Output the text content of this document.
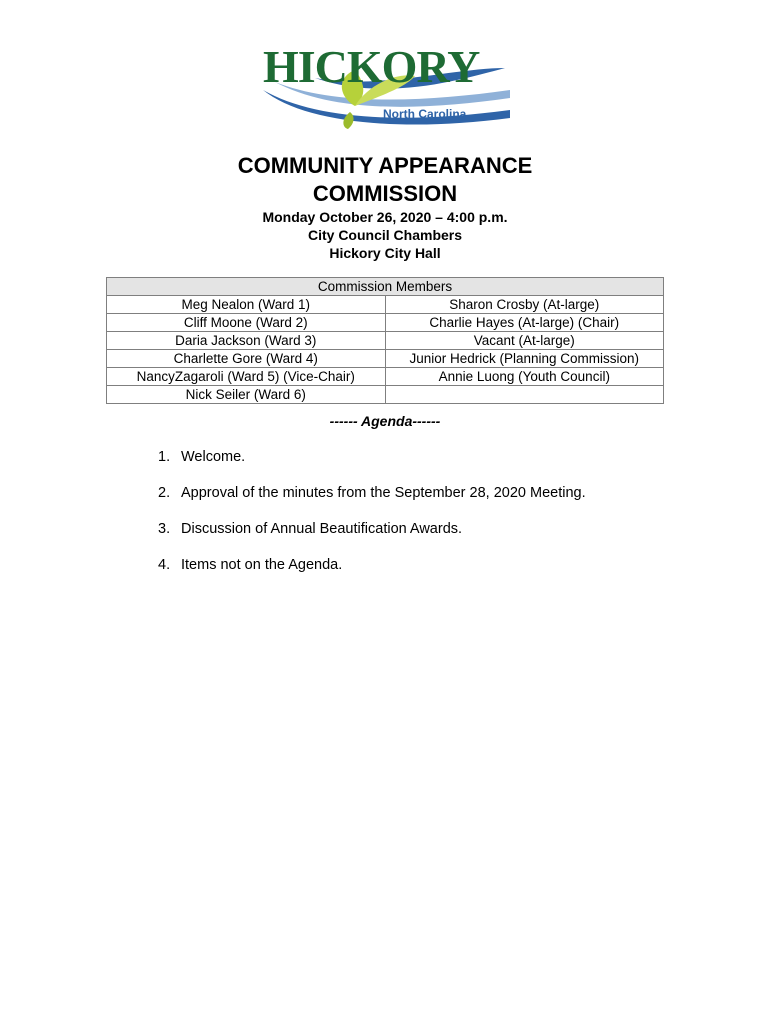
HICKORY
North Carolina
COMMUNITY APPEARANCE
COMMISSION
Monday October 26, 2020 – 4:00 p.m.
City Council Chambers
Hickory City Hall
Commission Members	
Meg Nealon (Ward 1)	Sharon Crosby (At-large)
Cliff Moone (Ward 2)	Charlie Hayes (At-large) (Chair)
Daria Jackson (Ward 3)	Vacant (At-large)
Charlette Gore (Ward 4)	Junior Hedrick (Planning Commission)
NancyZagaroli (Ward 5) (Vice-Chair)	Annie Luong (Youth Council)
Nick Seiler (Ward 6)	
------ Agenda------
1. Welcome.
2. Approval of the minutes from the September 28, 2020 Meeting.
3. Discussion of Annual Beautification Awards.
4. Items not on the Agenda.
